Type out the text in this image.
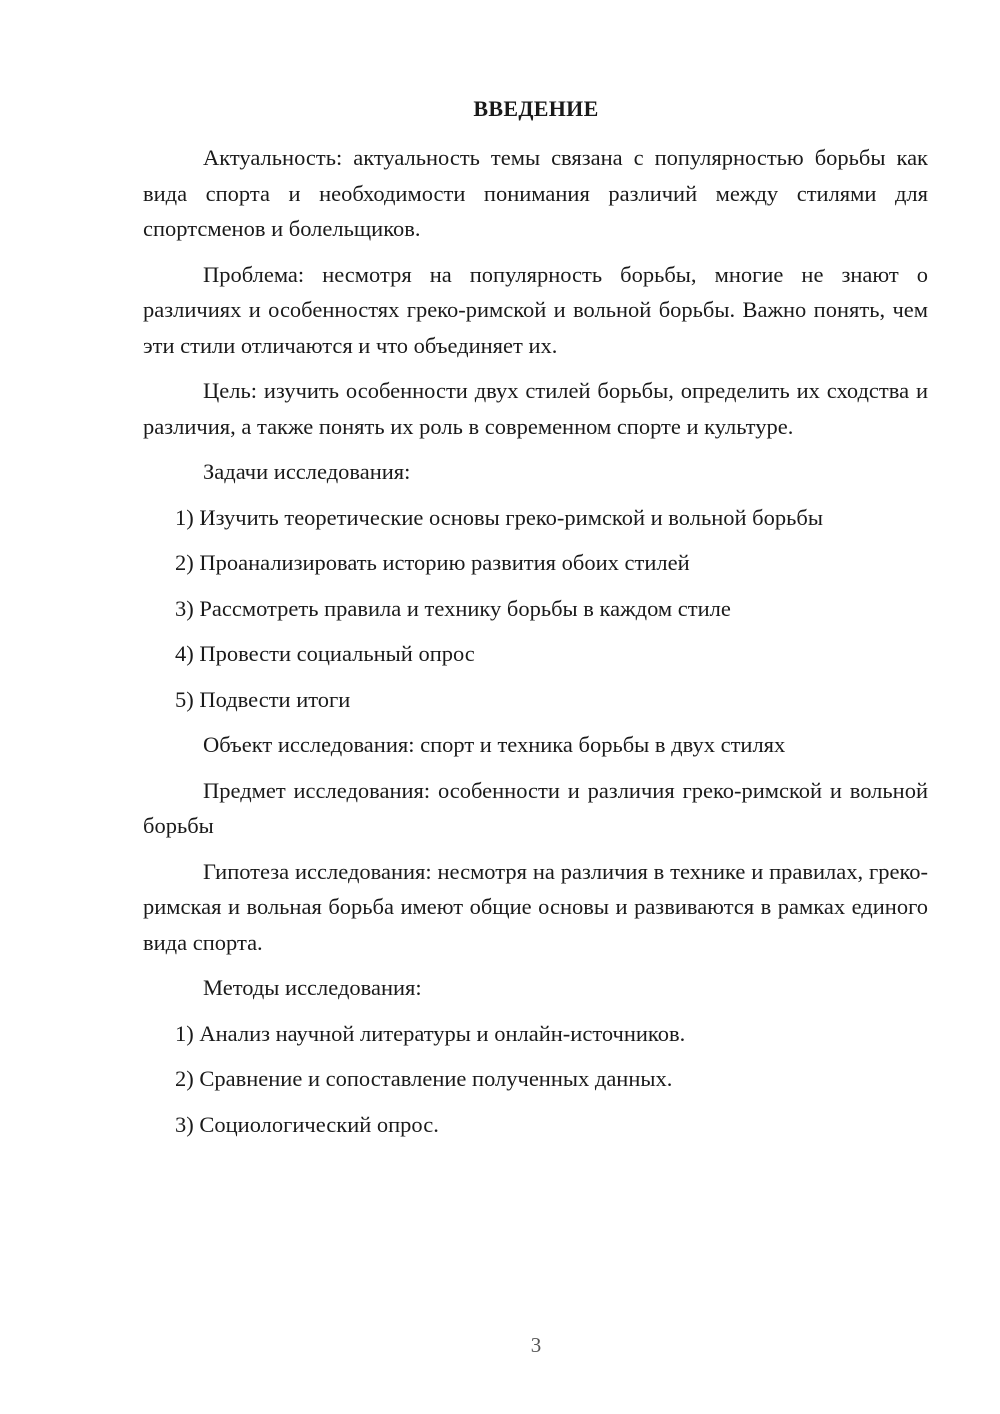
ВВЕДЕНИЕ

Актуальность: актуальность темы связана с популярностью борьбы как вида спорта и необходимости понимания различий между стилями для спортсменов и болельщиков.

Проблема: несмотря на популярность борьбы, многие не знают о различиях и особенностях греко-римской и вольной борьбы. Важно понять, чем эти стили отличаются и что объединяет их.

Цель: изучить особенности двух стилей борьбы, определить их сходства и различия, а также понять их роль в современном спорте и культуре.

Задачи исследования:

1) Изучить теоретические основы греко-римской и вольной борьбы

2) Проанализировать историю развития обоих стилей

3) Рассмотреть правила и технику борьбы в каждом стиле

4) Провести социальный опрос

5) Подвести итоги

Объект исследования: спорт и техника борьбы в двух стилях

Предмет исследования: особенности и различия греко-римской и вольной борьбы

Гипотеза исследования: несмотря на различия в технике и правилах, греко-римская и вольная борьба имеют общие основы и развиваются в рамках единого вида спорта.

Методы исследования:

1) Анализ научной литературы и онлайн-источников.

2) Сравнение и сопоставление полученных данных.

3) Социологический опрос.

3
